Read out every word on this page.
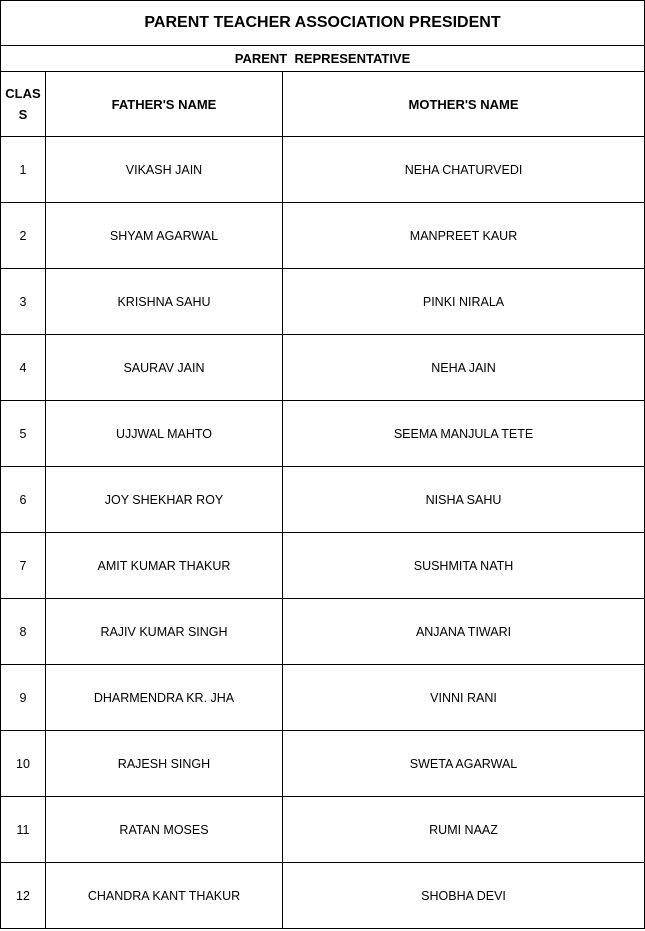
PARENT TEACHER ASSOCIATION PRESIDENT		
PARENT  REPRESENTATIVE		
CLASS	FATHER'S NAME	MOTHER'S NAME
1	VIKASH JAIN	NEHA CHATURVEDI
2	SHYAM AGARWAL	MANPREET KAUR
3	KRISHNA SAHU	PINKI NIRALA
4	SAURAV JAIN	NEHA JAIN
5	UJJWAL MAHTO	SEEMA MANJULA TETE
6	JOY SHEKHAR ROY	NISHA SAHU
7	AMIT KUMAR THAKUR	SUSHMITA NATH
8	RAJIV KUMAR SINGH	ANJANA TIWARI
9	DHARMENDRA KR. JHA	VINNI RANI
10	RAJESH SINGH	SWETA AGARWAL
11	RATAN MOSES	RUMI NAAZ
12	CHANDRA KANT THAKUR	SHOBHA DEVI
